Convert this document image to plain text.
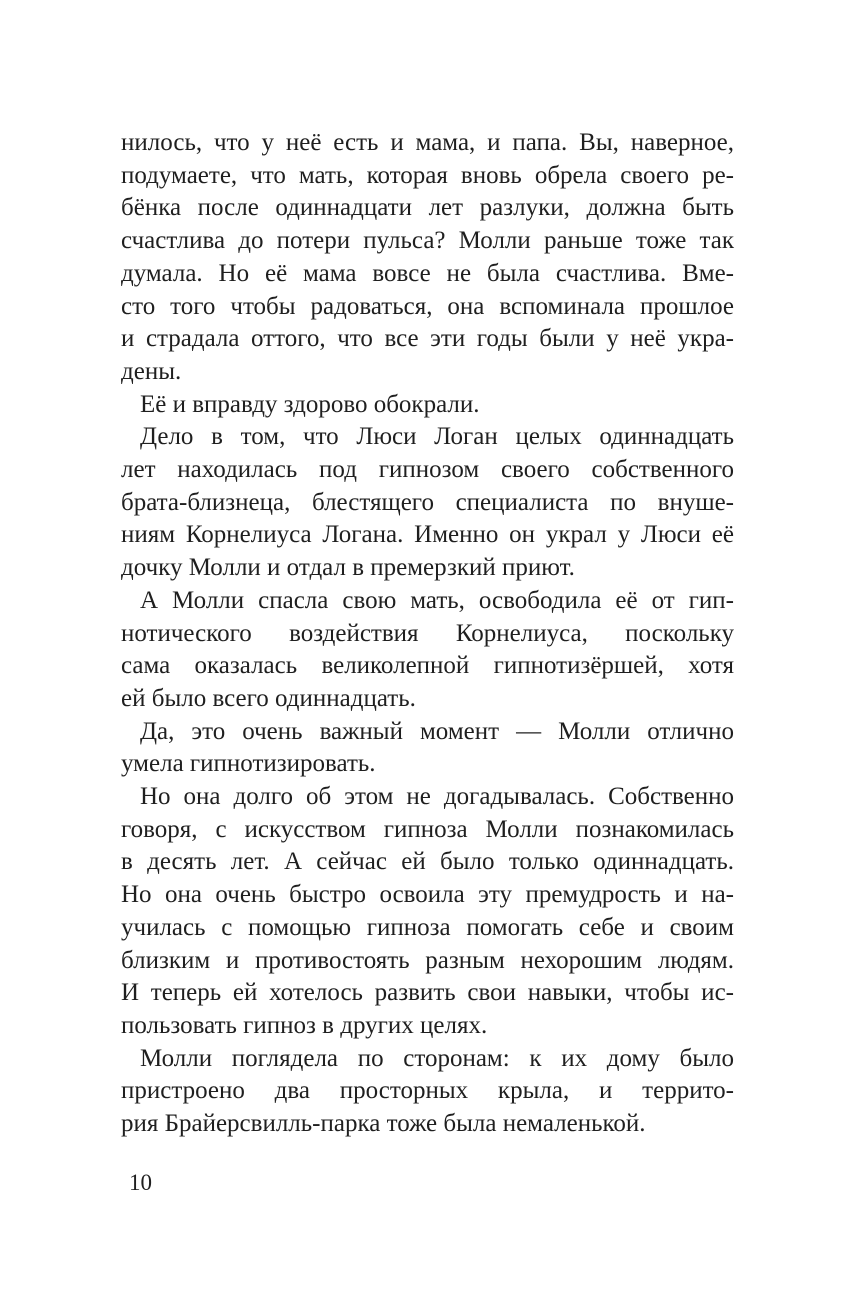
нилось, что у неё есть и мама, и папа. Вы, наверное,
подумаете, что мать, которая вновь обрела своего ре-
бёнка после одиннадцати лет разлуки, должна быть
счастлива до потери пульса? Молли раньше тоже так
думала. Но её мама вовсе не была счастлива. Вме-
сто того чтобы радоваться, она вспоминала прошлое
и страдала оттого, что все эти годы были у неё укра-
дены.
Её и вправду здорово обокрали.
Дело в том, что Люси Логан целых одиннадцать
лет находилась под гипнозом своего собственного
брата-близнеца, блестящего специалиста по внуше-
ниям Корнелиуса Логана. Именно он украл у Люси её
дочку Молли и отдал в премерзкий приют.
А Молли спасла свою мать, освободила её от гип-
нотического воздействия Корнелиуса, поскольку
сама оказалась великолепной гипнотизёршей, хотя
ей было всего одиннадцать.
Да, это очень важный момент — Молли отлично
умела гипнотизировать.
Но она долго об этом не догадывалась. Собственно
говоря, с искусством гипноза Молли познакомилась
в десять лет. А сейчас ей было только одиннадцать.
Но она очень быстро освоила эту премудрость и на-
училась с помощью гипноза помогать себе и своим
близким и противостоять разным нехорошим людям.
И теперь ей хотелось развить свои навыки, чтобы ис-
пользовать гипноз в других целях.
Молли поглядела по сторонам: к их дому было
пристроено два просторных крыла, и террито-
рия Брайерсвилль-парка тоже была немаленькой.
10
